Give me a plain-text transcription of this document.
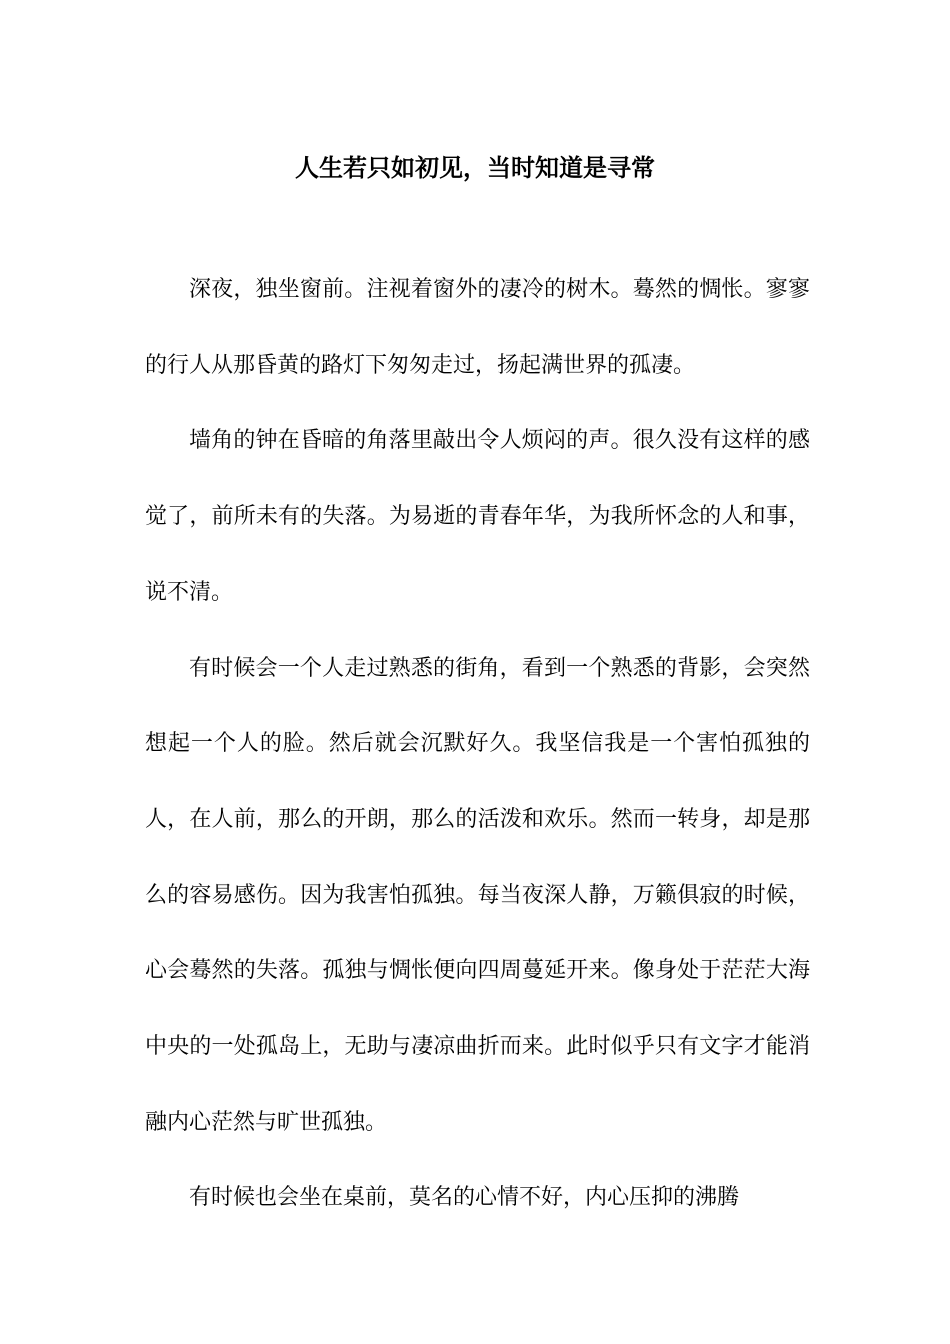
人生若只如初见，当时知道是寻常

深夜，独坐窗前。注视着窗外的凄冷的树木。蓦然的惆怅。寥寥的行人从那昏黄的路灯下匆匆走过，扬起满世界的孤凄。

墙角的钟在昏暗的角落里敲出令人烦闷的声。很久没有这样的感觉了，前所未有的失落。为易逝的青春年华，为我所怀念的人和事，说不清。

有时候会一个人走过熟悉的街角，看到一个熟悉的背影，会突然想起一个人的脸。然后就会沉默好久。我坚信我是一个害怕孤独的人，在人前，那么的开朗，那么的活泼和欢乐。然而一转身，却是那么的容易感伤。因为我害怕孤独。每当夜深人静，万籁俱寂的时候，心会蓦然的失落。孤独与惆怅便向四周蔓延开来。像身处于茫茫大海中央的一处孤岛上，无助与凄凉曲折而来。此时似乎只有文字才能消融内心茫然与旷世孤独。

有时候也会坐在桌前，莫名的心情不好，内心压抑的沸腾
